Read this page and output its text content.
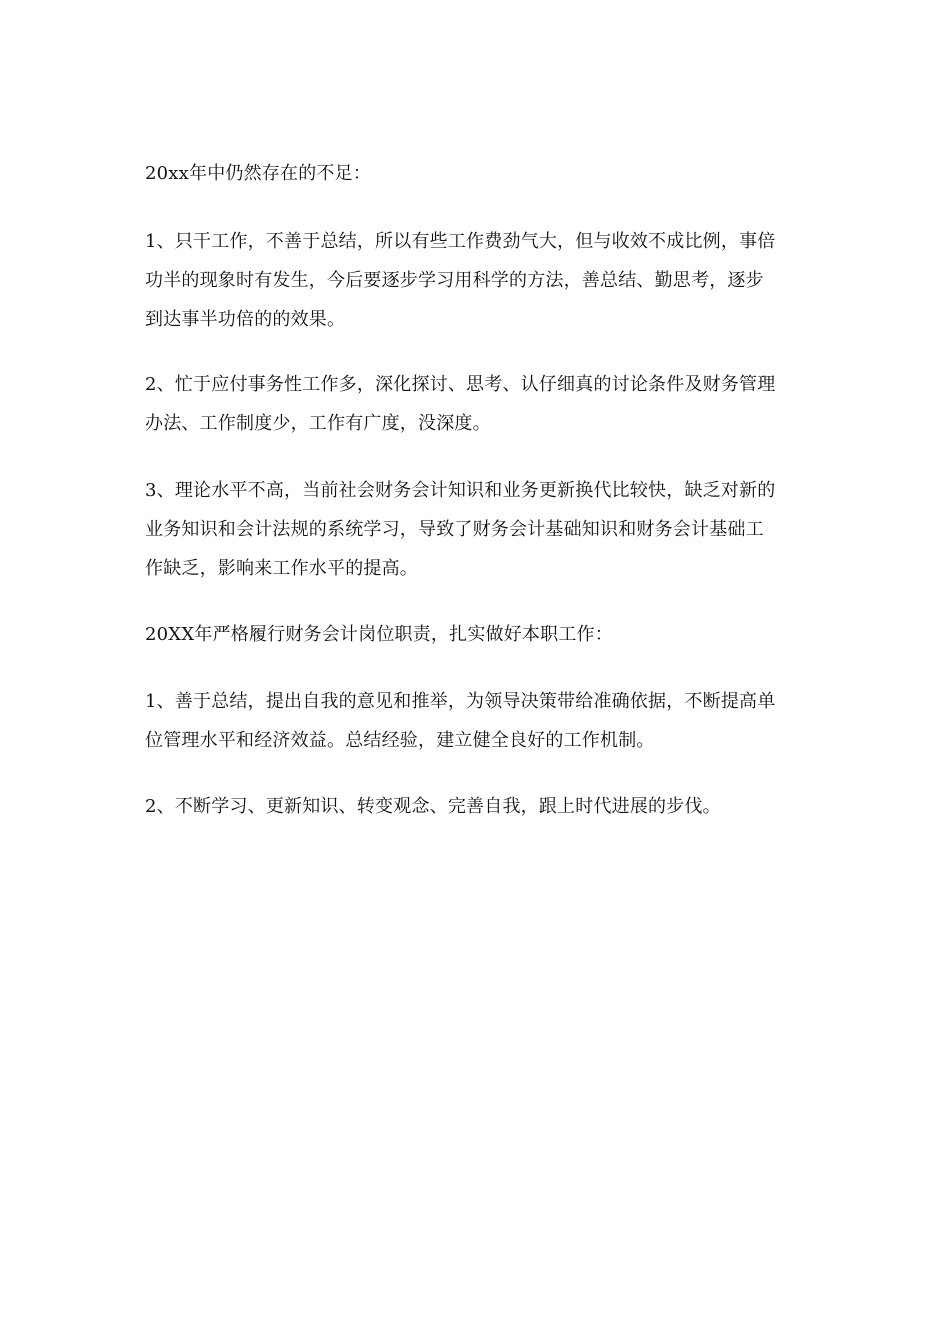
20xx年中仍然存在的不足：
1、只干工作，不善于总结，所以有些工作费劲气大，但与收效不成比例，事倍
功半的现象时有发生，今后要逐步学习用科学的方法，善总结、勤思考，逐步
到达事半功倍的的效果。
2、忙于应付事务性工作多，深化探讨、思考、认仔细真的讨论条件及财务管理
办法、工作制度少，工作有广度，没深度。
3、理论水平不高，当前社会财务会计知识和业务更新换代比较快，缺乏对新的
业务知识和会计法规的系统学习，导致了财务会计基础知识和财务会计基础工
作缺乏，影响来工作水平的提高。
20XX年严格履行财务会计岗位职责，扎实做好本职工作：
1、善于总结，提出自我的意见和推举，为领导决策带给准确依据，不断提高单
位管理水平和经济效益。总结经验，建立健全良好的工作机制。
2、不断学习、更新知识、转变观念、完善自我，跟上时代进展的步伐。
